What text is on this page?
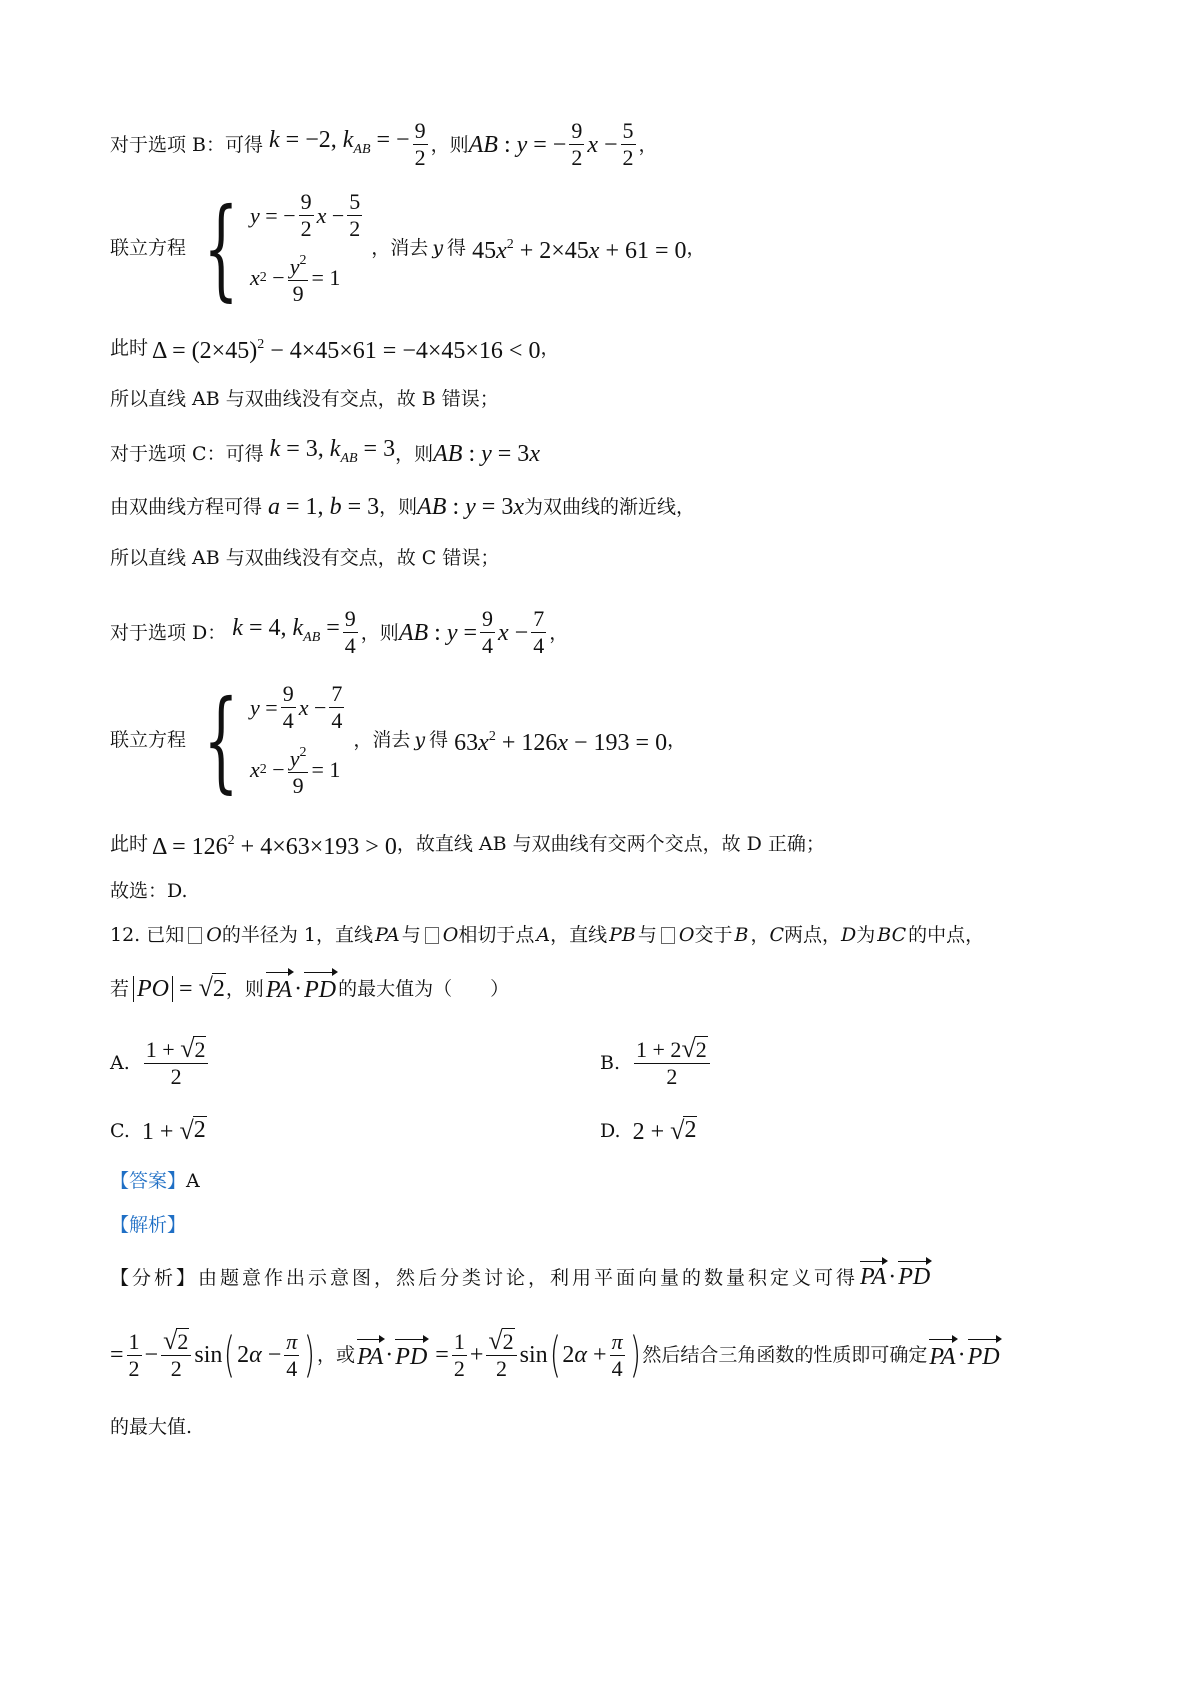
对于选项 B：可得 k = −2, $k_{AB}$ = − $\frac{9}{2}$ ，则 AB : y = − $\frac{9}{2}$ $x - \frac{5}{2}$ ，
联立方程 { y = − $\frac{9}{2}$ $x - \frac{5}{2}$
x $2 - \frac{y^2}{9} = 1$
，消去 y 得 $45x^2 + 2\times 45x + 61 = 0$ ，
此时 $\Delta = (2\times 45)^2 - 4\times 45\times 61 = -4\times 45\times 16 < 0$ ，
所以直线 AB 与双曲线没有交点，故 B 错误；
对于选项 C：可得 k = 3, $k_{AB} = 3$ ，则 AB : y = 3x
由双曲线方程可得 a = 1, b = 3 ，则 AB : y = 3x 为双曲线的渐近线，
所以直线 AB 与双曲线没有交点，故 C 错误；
对于选项 D： k = 4, $k_{AB} = \frac{9}{4}$ ，则 AB : $y = \frac{9}{4}$ $x - \frac{7}{4}$ ，
联立方程 { $y = \frac{9}{4}$ $x - \frac{7}{4}$
x $2 - \frac{y^2}{9} = 1$
，消去 y 得 $63x^2 + 126x - 193 = 0$ ，
此时 $\Delta = 126^2 + 4\times 63\times 193 > 0$ ，故直线 AB 与双曲线有交两个交点，故 D 正确；
故选：D.
12. 已知 O 的半径为 1，直线 PA 与 O 相切于点 A ，直线 PB 与 O 交于 B ， C 两点， D 为 BC 的中点，
若 PO = √ 2 ，则 PA · PD 的最大值为（　　）
A. $\frac{1 + √ 2}{2}$	B. $\frac{1 + 2 √ 2}{2}$
C. 1 + √ 2	D. 2 + √ 2
【答案】 A
【解析】
【分析】由题意作出示意图，然后分类讨论，利用平面向量的数量积定义可得 PA·PD
= $\frac{1}{2} - \frac{√ 2}{2}$ sin ( $2\alpha - \frac{\pi}{4}$ ) ，或 PA · PD = $\frac{1}{2} + \frac{√ 2}{2}$ sin ( $2\alpha + \frac{\pi}{4}$ ) 然后结合三角函数的性质即可确定 PA · PD
的最大值.
